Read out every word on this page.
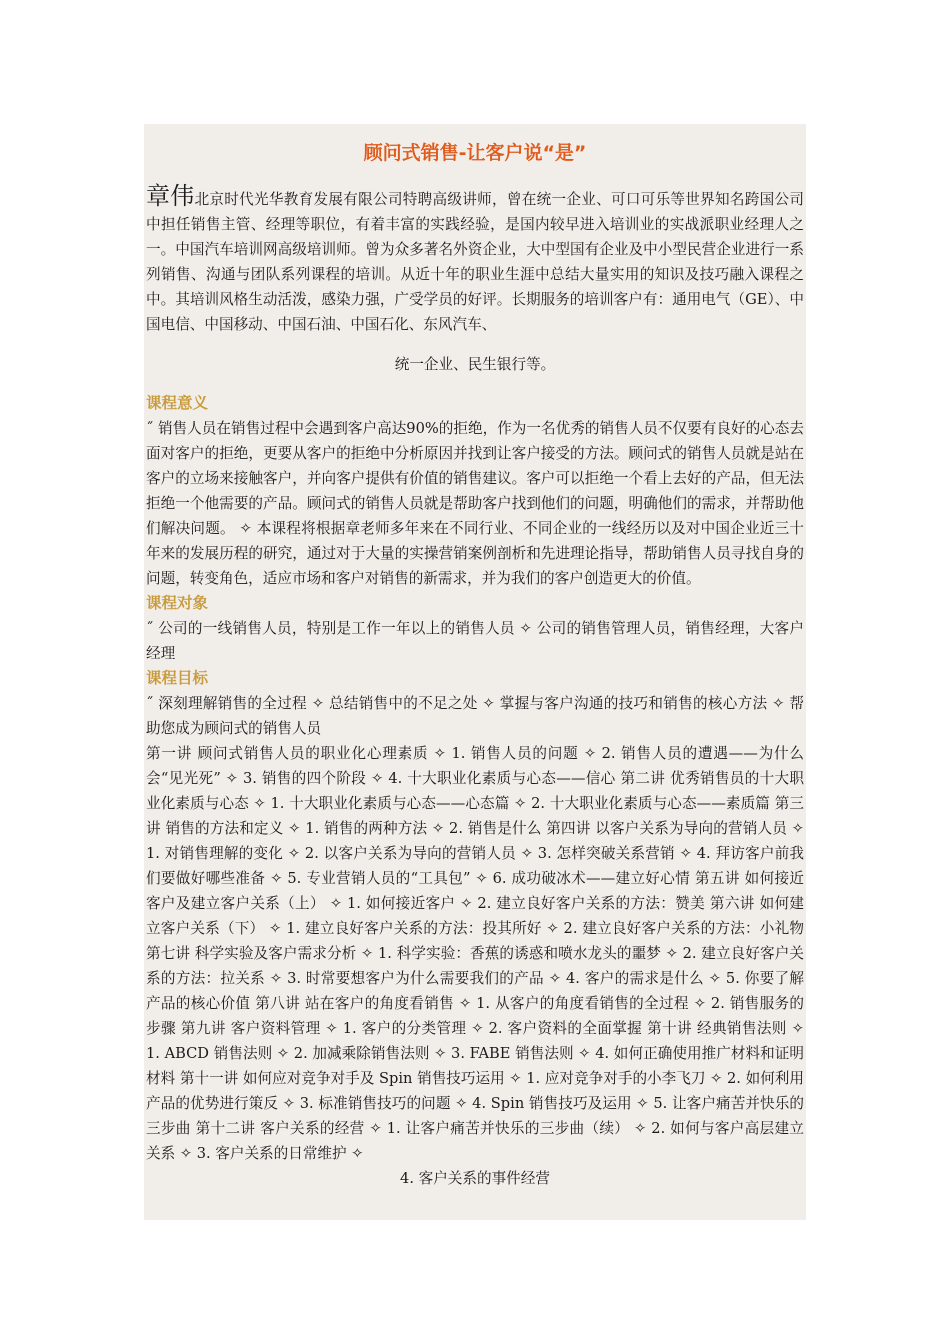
顾问式销售-让客户说“是”

章伟北京时代光华教育发展有限公司特聘高级讲师，曾在统一企业、可口可乐等世界知名跨国公司中担任销售主管、经理等职位，有着丰富的实践经验，是国内较早进入培训业的实战派职业经理人之一。中国汽车培训网高级培训师。曾为众多著名外资企业，大中型国有企业及中小型民营企业进行一系列销售、沟通与团队系列课程的培训。从近十年的职业生涯中总结大量实用的知识及技巧融入课程之中。其培训风格生动活泼，感染力强，广受学员的好评。长期服务的培训客户有：通用电气（GE）、中国电信、中国移动、中国石油、中国石化、东风汽车、

统一企业、民生银行等。

课程意义

˝ 销售人员在销售过程中会遇到客户高达90%的拒绝，作为一名优秀的销售人员不仅要有良好的心态去面对客户的拒绝，更要从客户的拒绝中分析原因并找到让客户接受的方法。顾问式的销售人员就是站在客户的立场来接触客户，并向客户提供有价值的销售建议。客户可以拒绝一个看上去好的产品，但无法拒绝一个他需要的产品。顾问式的销售人员就是帮助客户找到他们的问题，明确他们的需求，并帮助他们解决问题。 ✧ 本课程将根据章老师多年来在不同行业、不同企业的一线经历以及对中国企业近三十年来的发展历程的研究，通过对于大量的实操营销案例剖析和先进理论指导，帮助销售人员寻找自身的问题，转变角色，适应市场和客户对销售的新需求，并为我们的客户创造更大的价值。

课程对象

˝ 公司的一线销售人员，特别是工作一年以上的销售人员 ✧ 公司的销售管理人员，销售经理，大客户经理

课程目标

˝ 深刻理解销售的全过程 ✧ 总结销售中的不足之处 ✧ 掌握与客户沟通的技巧和销售的核心方法 ✧ 帮助您成为顾问式的销售人员

第一讲 顾问式销售人员的职业化心理素质 ✧ 1. 销售人员的问题 ✧ 2. 销售人员的遭遇——为什么会“见光死” ✧ 3. 销售的四个阶段 ✧ 4. 十大职业化素质与心态——信心 第二讲 优秀销售员的十大职业化素质与心态 ✧ 1. 十大职业化素质与心态——心态篇 ✧ 2. 十大职业化素质与心态——素质篇 第三讲 销售的方法和定义 ✧ 1. 销售的两种方法 ✧ 2. 销售是什么 第四讲 以客户关系为导向的营销人员 ✧ 1. 对销售理解的变化 ✧ 2. 以客户关系为导向的营销人员 ✧ 3. 怎样突破关系营销 ✧ 4. 拜访客户前我们要做好哪些准备 ✧ 5. 专业营销人员的“工具包” ✧ 6. 成功破冰术——建立好心情 第五讲 如何接近客户及建立客户关系（上） ✧ 1. 如何接近客户 ✧ 2. 建立良好客户关系的方法：赞美 第六讲 如何建立客户关系（下） ✧ 1. 建立良好客户关系的方法：投其所好 ✧ 2. 建立良好客户关系的方法：小礼物 第七讲 科学实验及客户需求分析 ✧ 1. 科学实验：香蕉的诱惑和喷水龙头的噩梦 ✧ 2. 建立良好客户关系的方法：拉关系 ✧ 3. 时常要想客户为什么需要我们的产品 ✧ 4. 客户的需求是什么 ✧ 5. 你要了解产品的核心价值 第八讲 站在客户的角度看销售 ✧ 1. 从客户的角度看销售的全过程 ✧ 2. 销售服务的步骤 第九讲 客户资料管理 ✧ 1. 客户的分类管理 ✧ 2. 客户资料的全面掌握 第十讲 经典销售法则 ✧ 1. ABCD 销售法则 ✧ 2. 加减乘除销售法则 ✧ 3. FABE 销售法则 ✧ 4. 如何正确使用推广材料和证明材料 第十一讲 如何应对竞争对手及 Spin 销售技巧运用 ✧ 1. 应对竞争对手的小李飞刀 ✧ 2. 如何利用产品的优势进行策反 ✧ 3. 标准销售技巧的问题 ✧ 4. Spin 销售技巧及运用 ✧ 5. 让客户痛苦并快乐的三步曲 第十二讲 客户关系的经营 ✧ 1. 让客户痛苦并快乐的三步曲（续） ✧ 2. 如何与客户高层建立关系 ✧ 3. 客户关系的日常维护 ✧

4. 客户关系的事件经营
